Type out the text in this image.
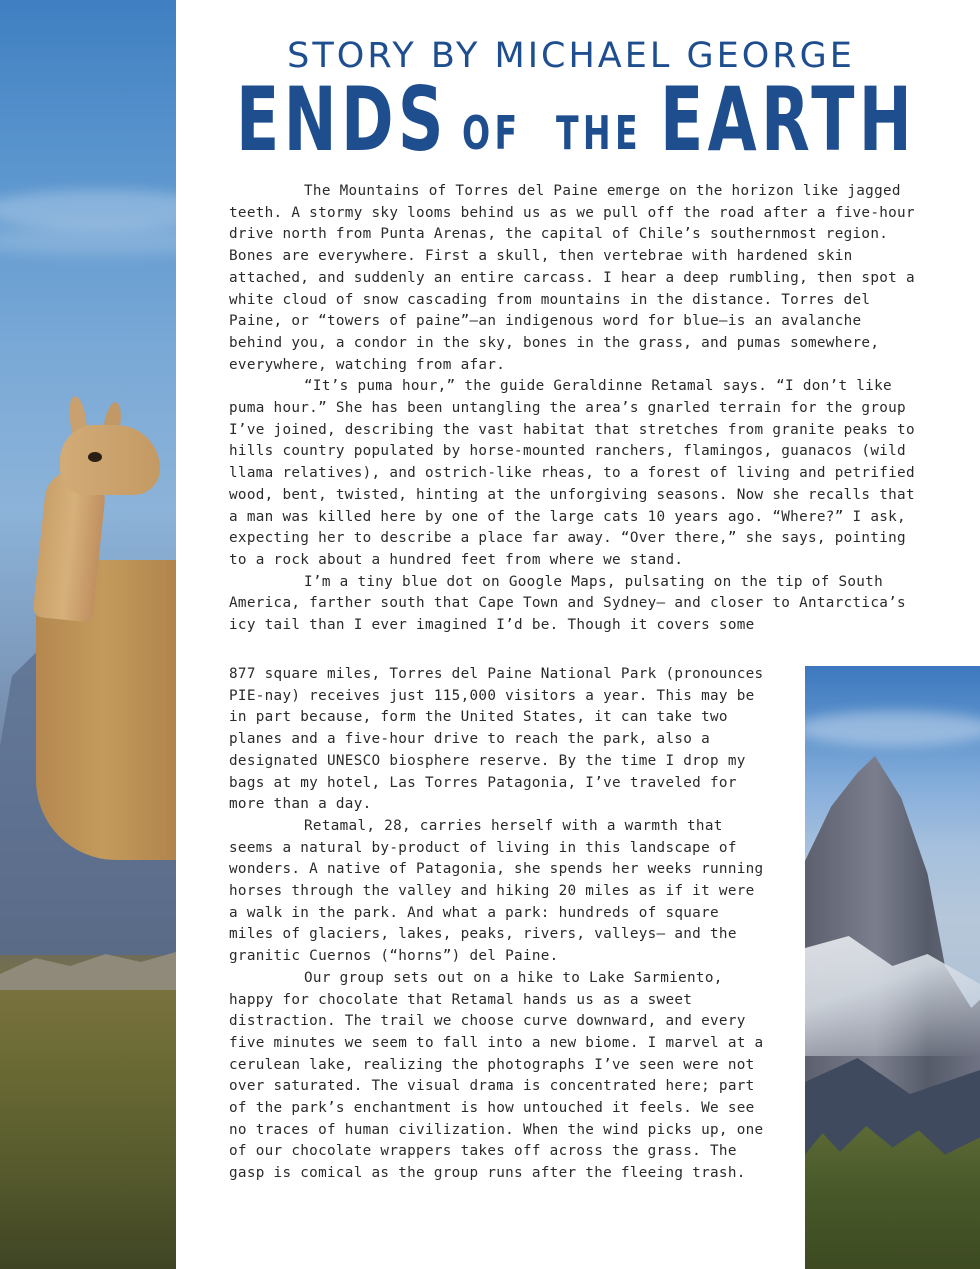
STORY BY MICHAEL GEORGE
ENDS OF THE EARTH

The Mountains of Torres del Paine emerge on the horizon like jagged teeth. A stormy sky looms behind us as we pull off the road after a five-hour drive north from Punta Arenas, the capital of Chile’s southernmost region. Bones are everywhere. First a skull, then vertebrae with hardened skin attached, and suddenly an entire carcass. I hear a deep rumbling, then spot a white cloud of snow cascading from mountains in the distance. Torres del Paine, or “towers of paine”—an indigenous word for blue—is an avalanche behind you, a condor in the sky, bones in the grass, and pumas somewhere, everywhere, watching from afar.

“It’s puma hour,” the guide Geraldinne Retamal says. “I don’t like puma hour.” She has been untangling the area’s gnarled terrain for the group I’ve joined, describing the vast habitat that stretches from granite peaks to hills country populated by horse-mounted ranchers, flamingos, guanacos (wild llama relatives), and ostrich-like rheas, to a forest of living and petrified wood, bent, twisted, hinting at the unforgiving seasons. Now she recalls that a man was killed here by one of the large cats 10 years ago. “Where?” I ask, expecting her to describe a place far away. “Over there,” she says, pointing to a rock about a hundred feet from where we stand.

I’m a tiny blue dot on Google Maps, pulsating on the tip of South America, farther south that Cape Town and Sydney— and closer to Antarctica’s icy tail than I ever imagined I’d be. Though it covers some

877 square miles, Torres del Paine National Park (pronounces PIE-nay) receives just 115,000 visitors a year. This may be in part because, form the United States, it can take two planes and a five-hour drive to reach the park, also a designated UNESCO biosphere reserve. By the time I drop my bags at my hotel, Las Torres Patagonia, I’ve traveled for more than a day.

Retamal, 28, carries herself with a warmth that seems a natural by-product of living in this landscape of wonders. A native of Patagonia, she spends her weeks running horses through the valley and hiking 20 miles as if it were a walk in the park. And what a park: hundreds of square miles of glaciers, lakes, peaks, rivers, valleys— and the granitic Cuernos (“horns”) del Paine.

Our group sets out on a hike to Lake Sarmiento, happy for chocolate that Retamal hands us as a sweet distraction. The trail we choose curve downward, and every five minutes we seem to fall into a new biome. I marvel at a cerulean lake, realizing the photographs I’ve seen were not over saturated. The visual drama is concentrated here; part of the park’s enchantment is how untouched it feels. We see no traces of human civilization. When the wind picks up, one of our chocolate wrappers takes off across the grass. The gasp is comical as the group runs after the fleeing trash.
